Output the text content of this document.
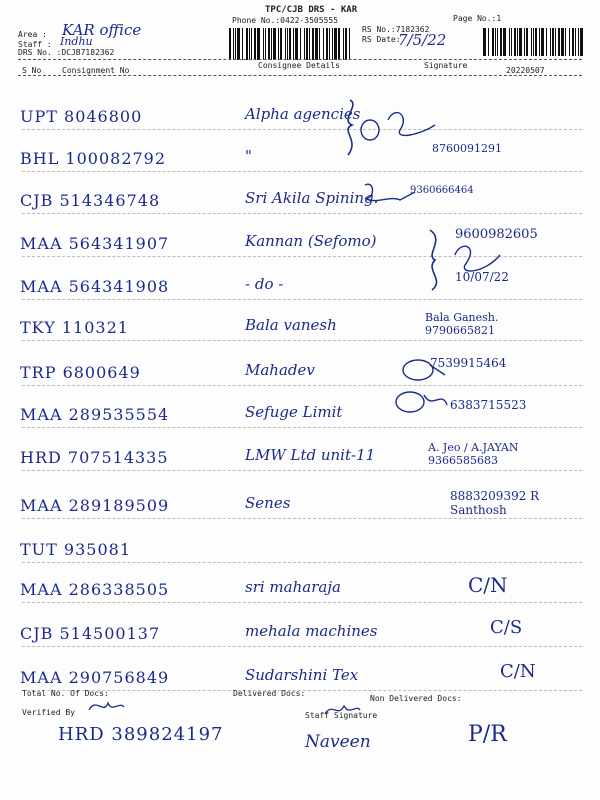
TPC/CJB DRS - KAR
Phone No.:0422-3505555	Page No.:1
Area : KAR office
Staff : Indhu
DRS No. :DCJB7182362
RS No.:7182362
RS Date:
7/5/22
S No	Consignment No
Consignee Details	Signature
20220507
UPT 8046800	Alpha agencies
BHL 100082792	"	8760091291
CJB 514346748	Sri Akila Spining.	9360666464
MAA 564341907	Kannan (Sefomo)	9600982605
MAA 564341908	- do -	10/07/22
TKY 110321	Bala vanesh	Bala Ganesh. 9790665821
TRP 6800649	Mahadev	7539915464
MAA 289535554	Sefuge Limit	6383715523
HRD 707514335	LMW Ltd unit-11	A. Jeo / A.JAYAN 9366585683
MAA 289189509	Senes	8883209392 R Santhosh
TUT 935081
MAA 286338505	sri maharaja	C/N
CJB 514500137	mehala machines	C/S
MAA 290756849	Sudarshini Tex	C/N
Total No. Of Docs:	Delivered Docs:
Non Delivered Docs:
Verified By	Staff Signature
HRD 389824197	Naveen	P/R
